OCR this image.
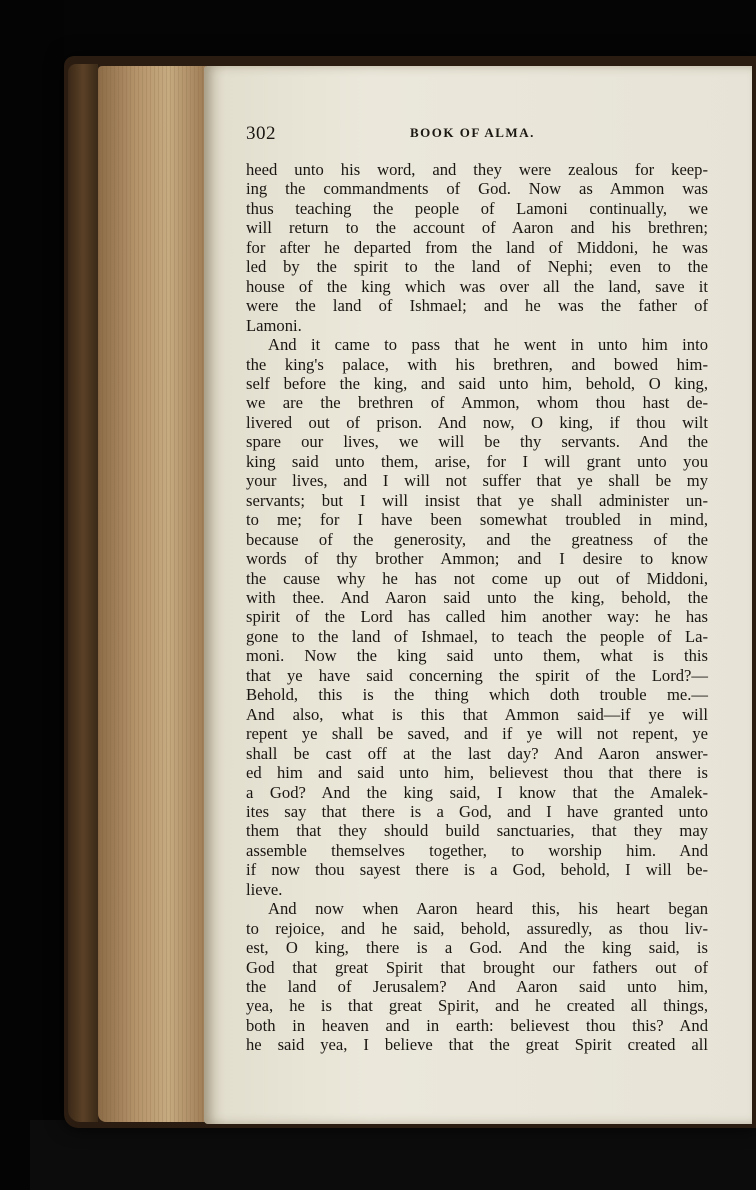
302	BOOK OF ALMA.
heed unto his word, and they were zealous for keep-
ing the commandments of God. Now as Ammon was
thus teaching the people of Lamoni continually, we
will return to the account of Aaron and his brethren;
for after he departed from the land of Middoni, he was
led by the spirit to the land of Nephi; even to the
house of the king which was over all the land, save it
were the land of Ishmael; and he was the father of
Lamoni.
And it came to pass that he went in unto him into
the king's palace, with his brethren, and bowed him-
self before the king, and said unto him, behold, O king,
we are the brethren of Ammon, whom thou hast de-
livered out of prison. And now, O king, if thou wilt
spare our lives, we will be thy servants. And the
king said unto them, arise, for I will grant unto you
your lives, and I will not suffer that ye shall be my
servants; but I will insist that ye shall administer un-
to me; for I have been somewhat troubled in mind,
because of the generosity, and the greatness of the
words of thy brother Ammon; and I desire to know
the cause why he has not come up out of Middoni,
with thee. And Aaron said unto the king, behold, the
spirit of the Lord has called him another way: he has
gone to the land of Ishmael, to teach the people of La-
moni. Now the king said unto them, what is this
that ye have said concerning the spirit of the Lord?—
Behold, this is the thing which doth trouble me.—
And also, what is this that Ammon said—if ye will
repent ye shall be saved, and if ye will not repent, ye
shall be cast off at the last day? And Aaron answer-
ed him and said unto him, believest thou that there is
a God? And the king said, I know that the Amalek-
ites say that there is a God, and I have granted unto
them that they should build sanctuaries, that they may
assemble themselves together, to worship him. And
if now thou sayest there is a God, behold, I will be-
lieve.
And now when Aaron heard this, his heart began
to rejoice, and he said, behold, assuredly, as thou liv-
est, O king, there is a God. And the king said, is
God that great Spirit that brought our fathers out of
the land of Jerusalem? And Aaron said unto him,
yea, he is that great Spirit, and he created all things,
both in heaven and in earth: believest thou this? And
he said yea, I believe that the great Spirit created all
